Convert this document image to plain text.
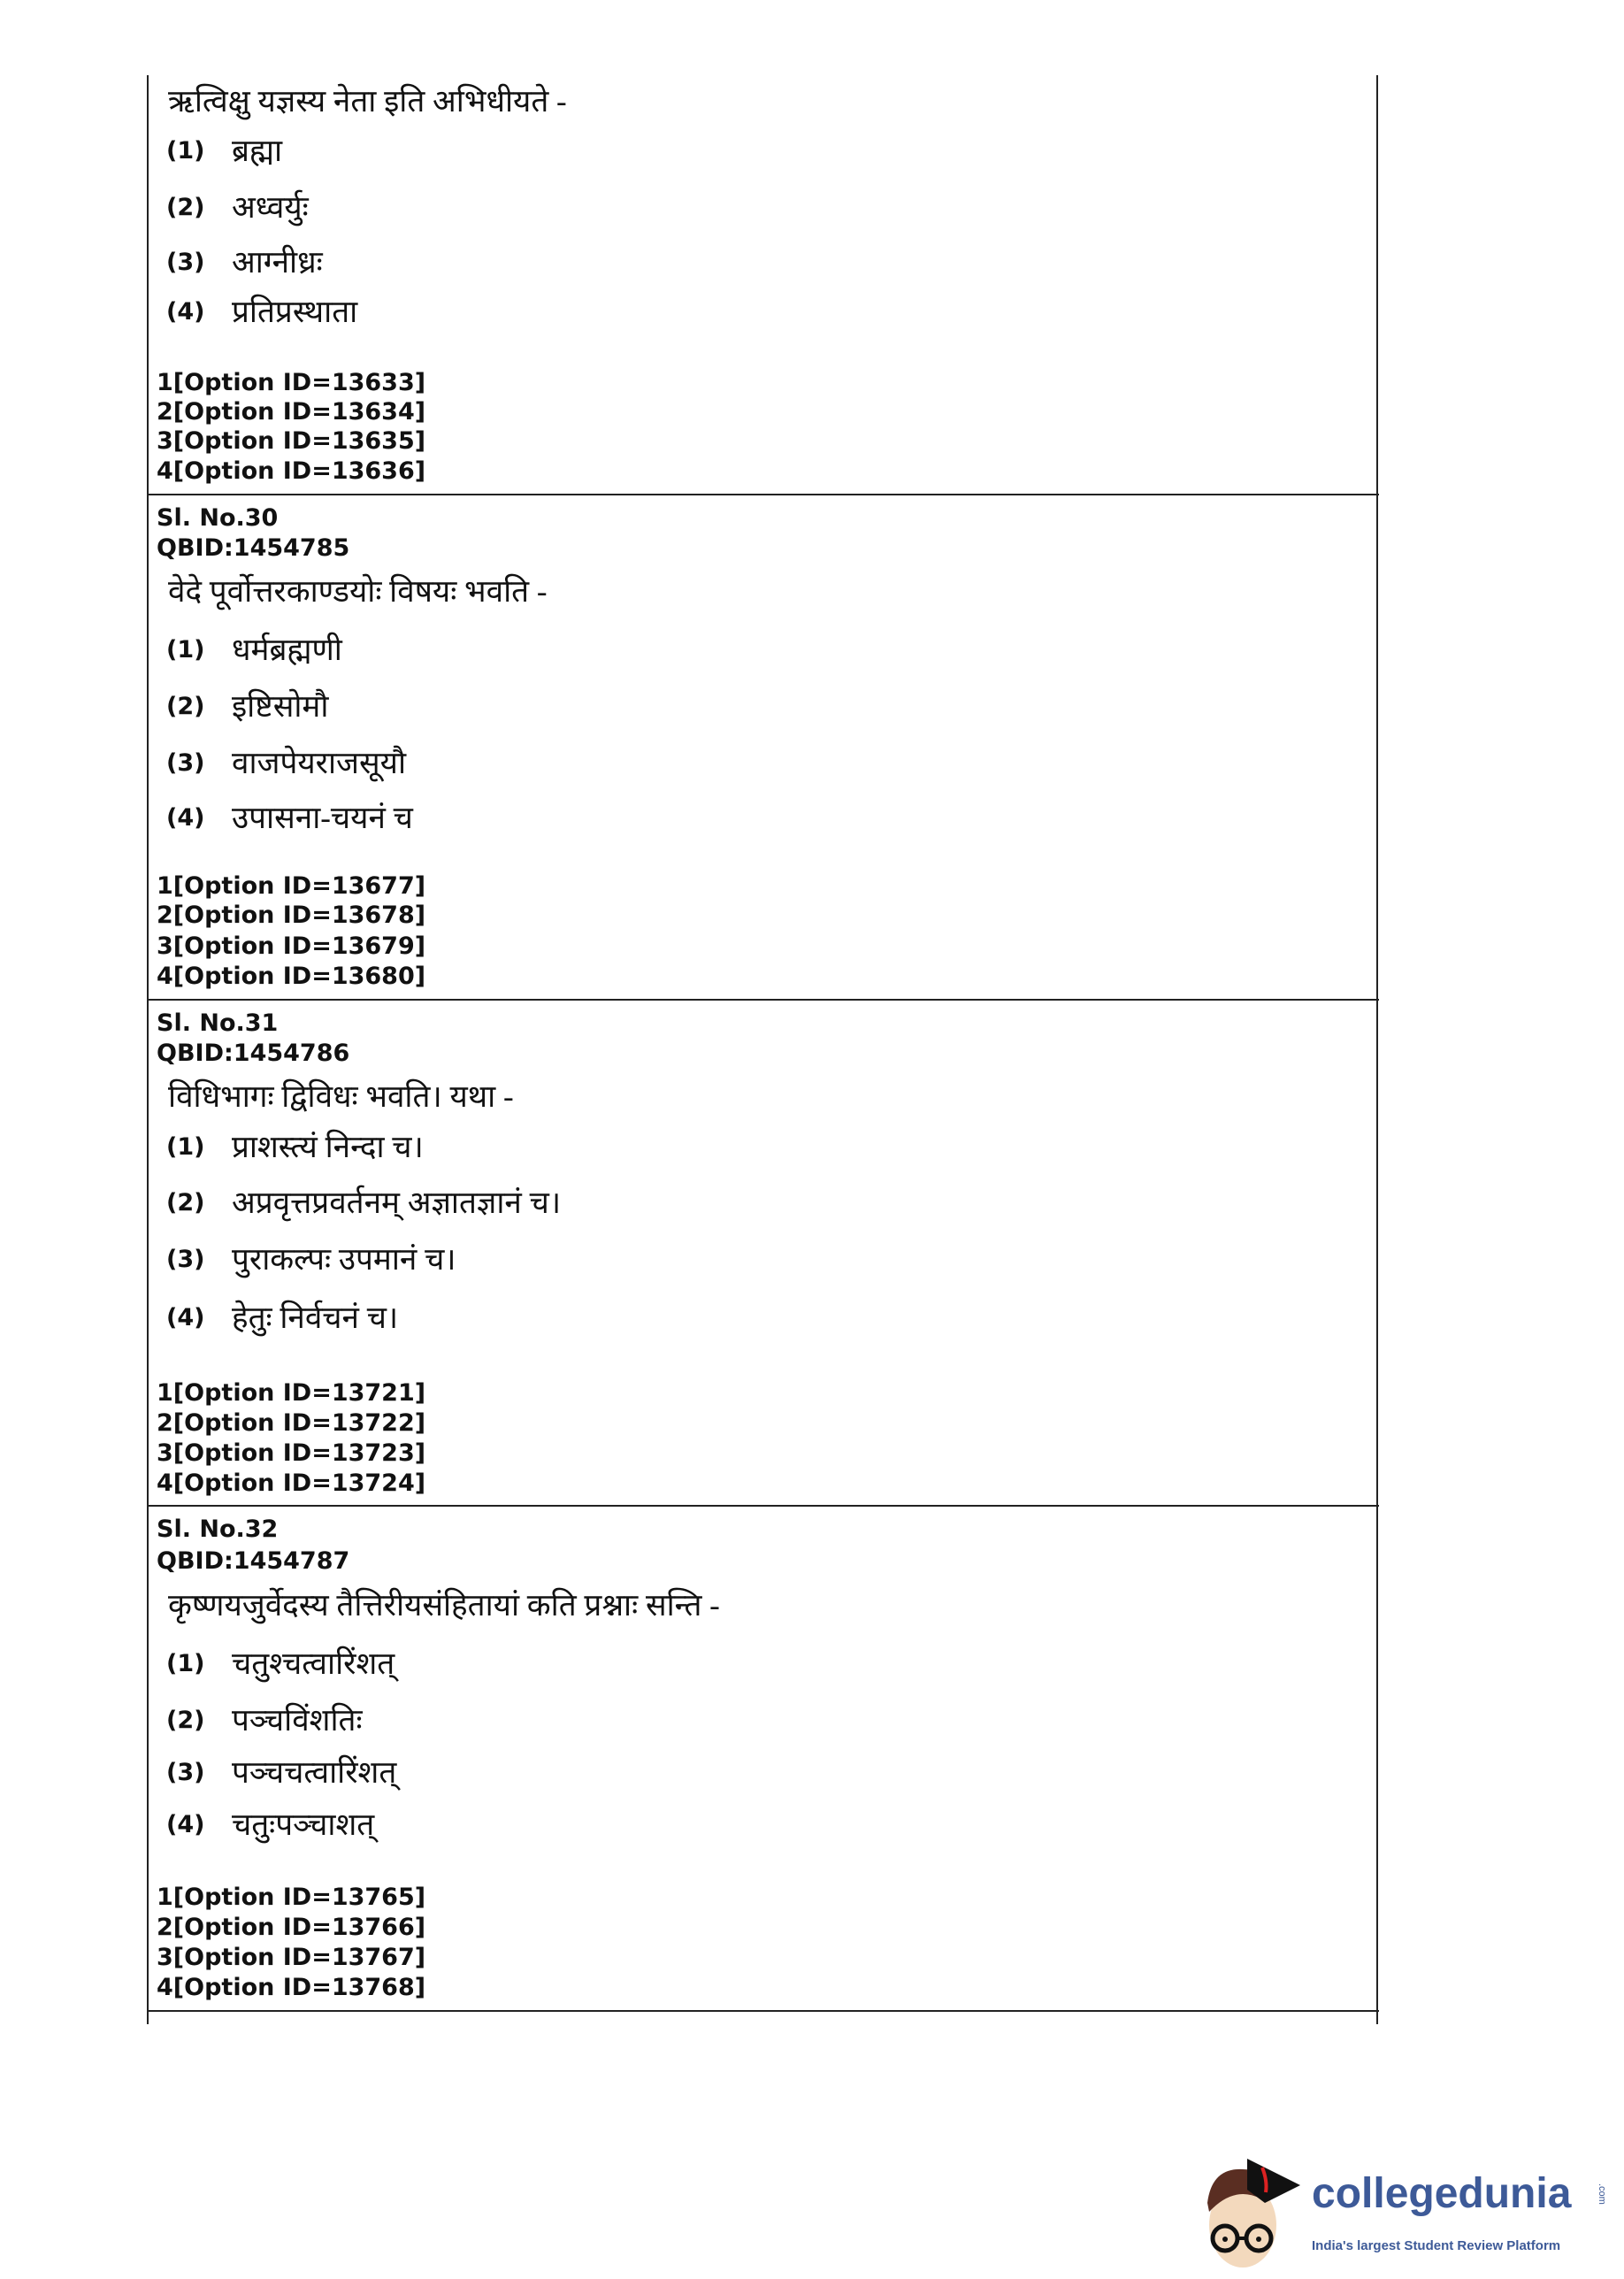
ऋत्विक्षु यज्ञस्य नेता इति अभिधीयते -
(1) ब्रह्मा
(2) अध्वर्युः
(3) आग्नीध्रः
(4) प्रतिप्रस्थाता
1[Option ID=13633]
2[Option ID=13634]
3[Option ID=13635]
4[Option ID=13636]
Sl. No.30
QBID:1454785
वेदे पूर्वोत्तरकाण्डयोः विषयः भवति -
(1) धर्मब्रह्मणी
(2) इष्टिसोमौ
(3) वाजपेयराजसूयौ
(4) उपासना-चयनं च
1[Option ID=13677]
2[Option ID=13678]
3[Option ID=13679]
4[Option ID=13680]
Sl. No.31
QBID:1454786
विधिभागः द्विविधः भवति। यथा -
(1) प्राशस्त्यं निन्दा च।
(2) अप्रवृत्तप्रवर्तनम् अज्ञातज्ञानं च।
(3) पुराकल्पः उपमानं च।
(4) हेतुः निर्वचनं च।
1[Option ID=13721]
2[Option ID=13722]
3[Option ID=13723]
4[Option ID=13724]
Sl. No.32
QBID:1454787
कृष्णयजुर्वेदस्य तैत्तिरीयसंहितायां कति प्रश्नाः सन्ति -
(1) चतुश्चत्वारिंशत्
(2) पञ्चविंशतिः
(3) पञ्चचत्वारिंशत्
(4) चतुःपञ्चाशत्
1[Option ID=13765]
2[Option ID=13766]
3[Option ID=13767]
4[Option ID=13768]
collegedunia	.com
India's largest Student Review Platform
